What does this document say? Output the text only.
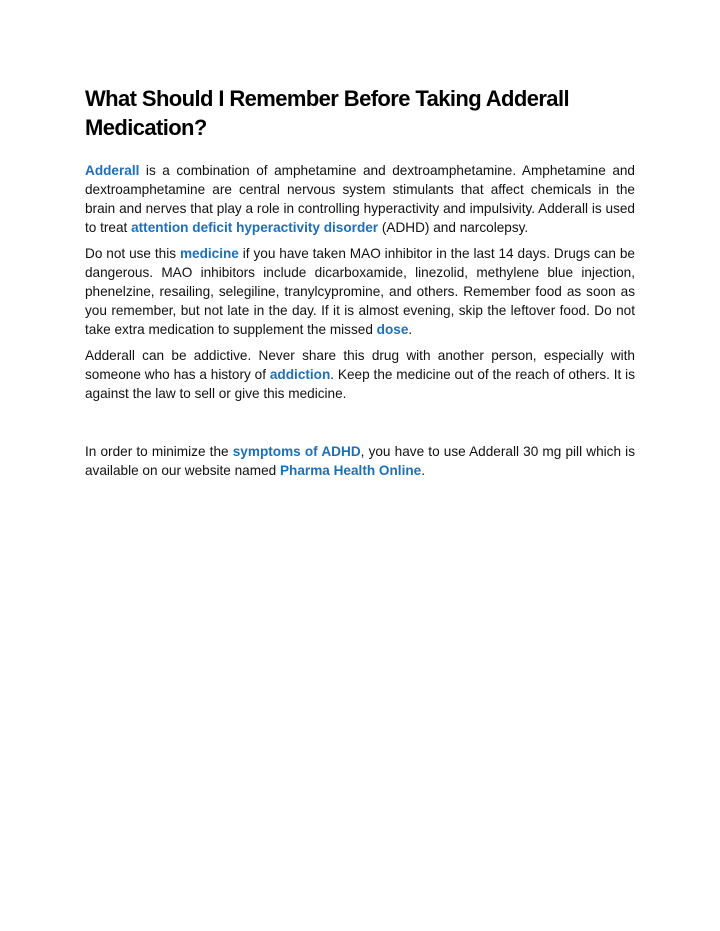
What Should I Remember Before Taking Adderall Medication?

Adderall is a combination of amphetamine and dextroamphetamine. Amphetamine and dextroamphetamine are central nervous system stimulants that affect chemicals in the brain and nerves that play a role in controlling hyperactivity and impulsivity. Adderall is used to treat attention deficit hyperactivity disorder (ADHD) and narcolepsy.

Do not use this medicine if you have taken MAO inhibitor in the last 14 days. Drugs can be dangerous. MAO inhibitors include dicarboxamide, linezolid, methylene blue injection, phenelzine, resailing, selegiline, tranylcypromine, and others. Remember food as soon as you remember, but not late in the day. If it is almost evening, skip the leftover food. Do not take extra medication to supplement the missed dose.

Adderall can be addictive. Never share this drug with another person, especially with someone who has a history of addiction. Keep the medicine out of the reach of others. It is against the law to sell or give this medicine.

In order to minimize the symptoms of ADHD, you have to use Adderall 30 mg pill which is available on our website named Pharma Health Online.
